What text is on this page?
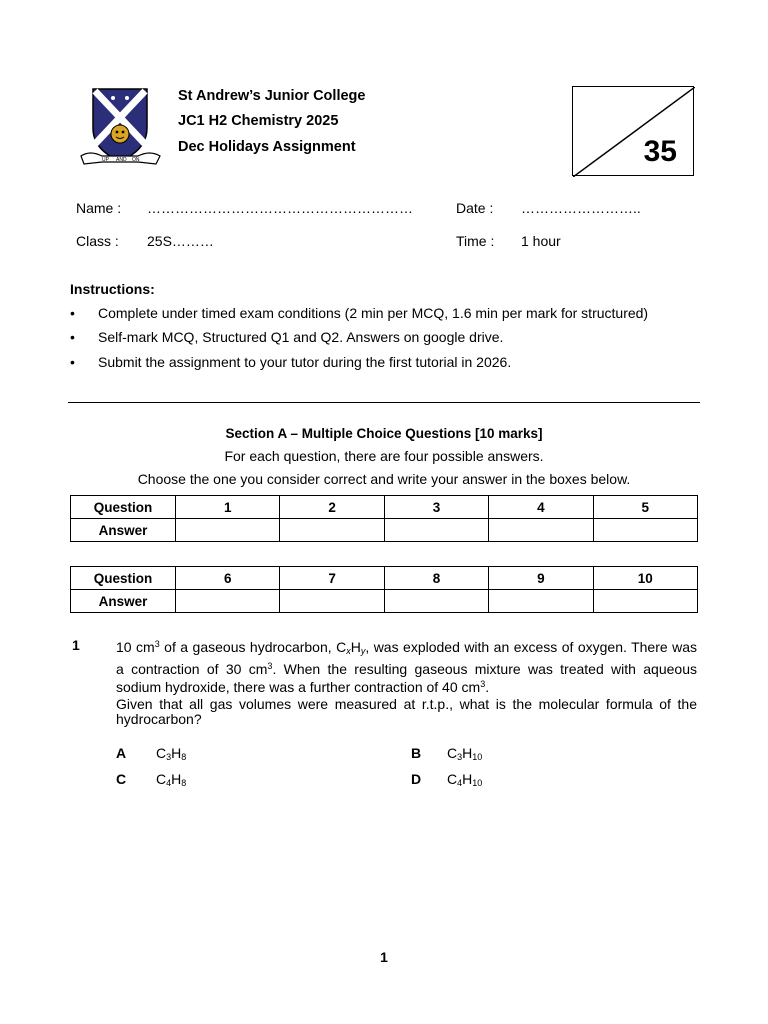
UP AND ON
St Andrew’s Junior College
JC1 H2 Chemistry 2025
Dec Holidays Assignment	35
Name : …………………………………………………	Date : ……………………..
Class : 25S………	Time : 1 hour
Instructions:
• Complete under timed exam conditions (2 min per MCQ, 1.6 min per mark for structured)
• Self-mark MCQ, Structured Q1 and Q2. Answers on google drive.
• Submit the assignment to your tutor during the first tutorial in 2026.
Section A – Multiple Choice Questions [10 marks]
For each question, there are four possible answers.
Choose the one you consider correct and write your answer in the boxes below.
Question	1	2	3	4	5
Answer					
Question	6	7	8	9	10
Answer					
1	10 $cm^3$ of a gaseous hydrocarbon, $C_xH_y$, was exploded with an excess of oxygen. There was a contraction of 30 $cm^3$. When the resulting gaseous mixture was treated with aqueous sodium hydroxide, there was a further contraction of 40 $cm^3$.
Given that all gas volumes were measured at r.t.p., what is the molecular formula of the hydrocarbon?
A $C_3H_8$	B $C_3H_{10}$
C $C_4H_8$	D $C_4H_{10}$
1
